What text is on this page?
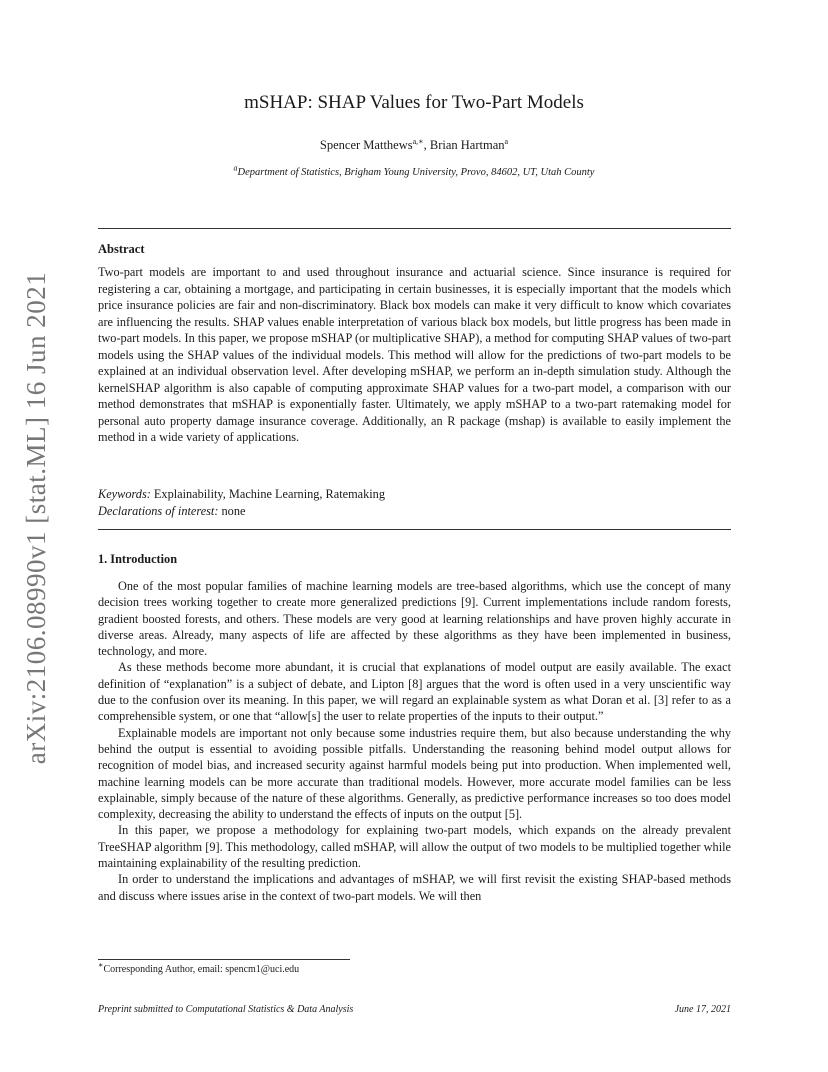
arXiv:2106.08990v1 [stat.ML] 16 Jun 2021
mSHAP: SHAP Values for Two-Part Models
Spencer Matthews$^{a,∗}$, Brian Hartman$^a$
$^a$Department of Statistics, Brigham Young University, Provo, 84602, UT, Utah County
Abstract
Two-part models are important to and used throughout insurance and actuarial science. Since insurance is required for registering a car, obtaining a mortgage, and participating in certain businesses, it is especially important that the models which price insurance policies are fair and non-discriminatory. Black box models can make it very difficult to know which covariates are influencing the results. SHAP values enable interpretation of various black box models, but little progress has been made in two-part models. In this paper, we propose mSHAP (or multiplicative SHAP), a method for computing SHAP values of two-part models using the SHAP values of the individual models. This method will allow for the predictions of two-part models to be explained at an individual observation level. After developing mSHAP, we perform an in-depth simulation study. Although the kernelSHAP algorithm is also capable of computing approximate SHAP values for a two-part model, a comparison with our method demonstrates that mSHAP is exponentially faster. Ultimately, we apply mSHAP to a two-part ratemaking model for personal auto property damage insurance coverage. Additionally, an R package (mshap) is available to easily implement the method in a wide variety of applications.
Keywords: Explainability, Machine Learning, Ratemaking
Declarations of interest: none
1. Introduction

One of the most popular families of machine learning models are tree-based algorithms, which use the concept of many decision trees working together to create more generalized predictions [9]. Current implementations include random forests, gradient boosted forests, and others. These models are very good at learning relationships and have proven highly accurate in diverse areas. Already, many aspects of life are affected by these algorithms as they have been implemented in business, technology, and more.

As these methods become more abundant, it is crucial that explanations of model output are easily available. The exact definition of “explanation” is a subject of debate, and Lipton [8] argues that the word is often used in a very unscientific way due to the confusion over its meaning. In this paper, we will regard an explainable system as what Doran et al. [3] refer to as a comprehensible system, or one that “allow[s] the user to relate properties of the inputs to their output.”

Explainable models are important not only because some industries require them, but also because understanding the why behind the output is essential to avoiding possible pitfalls. Understanding the reasoning behind model output allows for recognition of model bias, and increased security against harmful models being put into production. When implemented well, machine learning models can be more accurate than traditional models. However, more accurate model families can be less explainable, simply because of the nature of these algorithms. Generally, as predictive performance increases so too does model complexity, decreasing the ability to understand the effects of inputs on the output [5].

In this paper, we propose a methodology for explaining two-part models, which expands on the already prevalent TreeSHAP algorithm [9]. This methodology, called mSHAP, will allow the output of two models to be multiplied together while maintaining explainability of the resulting prediction.

In order to understand the implications and advantages of mSHAP, we will first revisit the existing SHAP-based methods and discuss where issues arise in the context of two-part models. We will then

∗Corresponding Author, email: spencm1@uci.edu
Preprint submitted to Computational Statistics & Data Analysis	June 17, 2021
